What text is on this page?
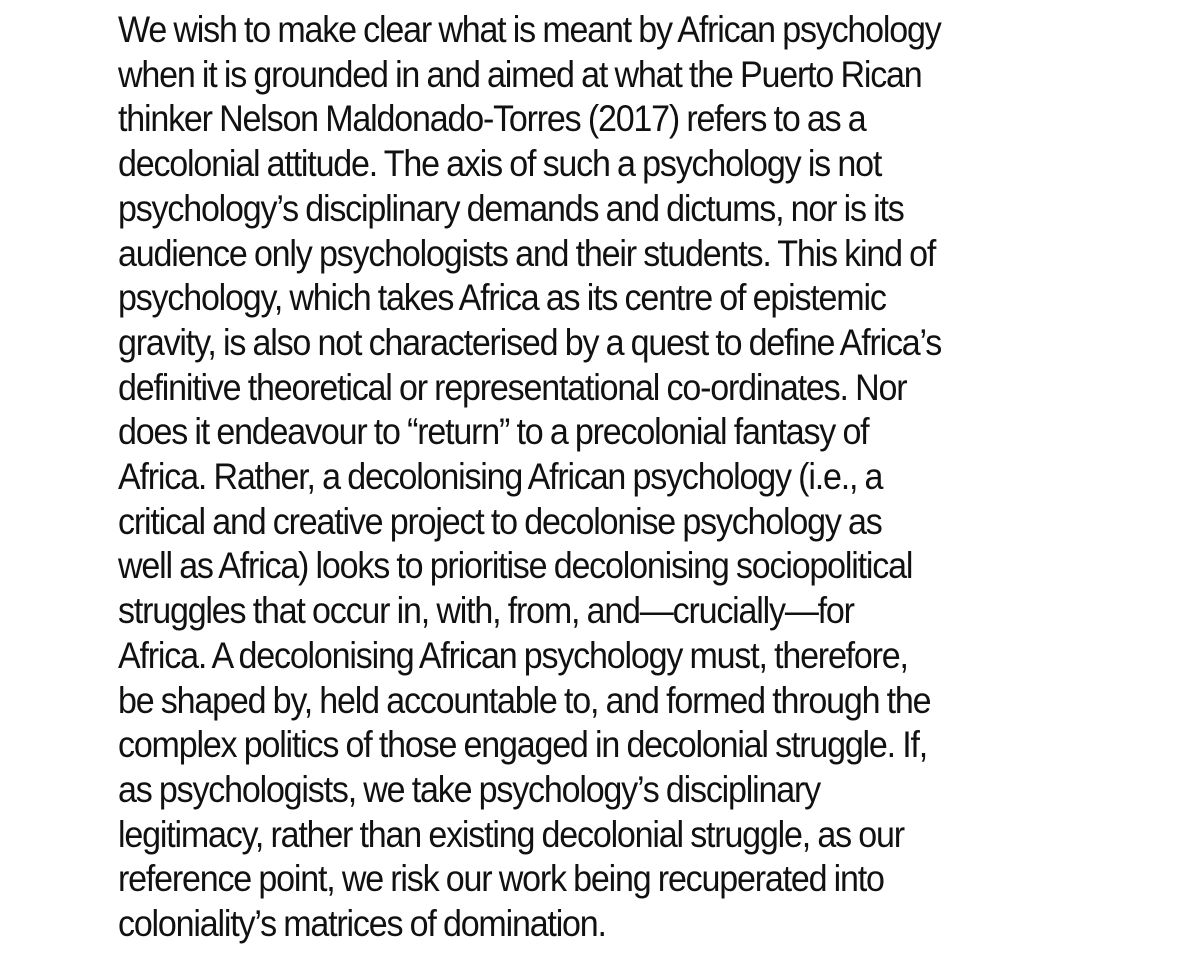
We wish to make clear what is meant by African psychology
when it is grounded in and aimed at what the Puerto Rican
thinker Nelson Maldonado-Torres (2017) refers to as a
decolonial attitude. The axis of such a psychology is not
psychology’s disciplinary demands and dictums, nor is its
audience only psychologists and their students. This kind of
psychology, which takes Africa as its centre of epistemic
gravity, is also not characterised by a quest to define Africa’s
definitive theoretical or representational co-ordinates. Nor
does it endeavour to “return” to a precolonial fantasy of
Africa. Rather, a decolonising African psychology (i.e., a
critical and creative project to decolonise psychology as
well as Africa) looks to prioritise decolonising sociopolitical
struggles that occur in, with, from, and—crucially—for
Africa. A decolonising African psychology must, therefore,
be shaped by, held accountable to, and formed through the
complex politics of those engaged in decolonial struggle. If,
as psychologists, we take psychology’s disciplinary
legitimacy, rather than existing decolonial struggle, as our
reference point, we risk our work being recuperated into
coloniality’s matrices of domination.
